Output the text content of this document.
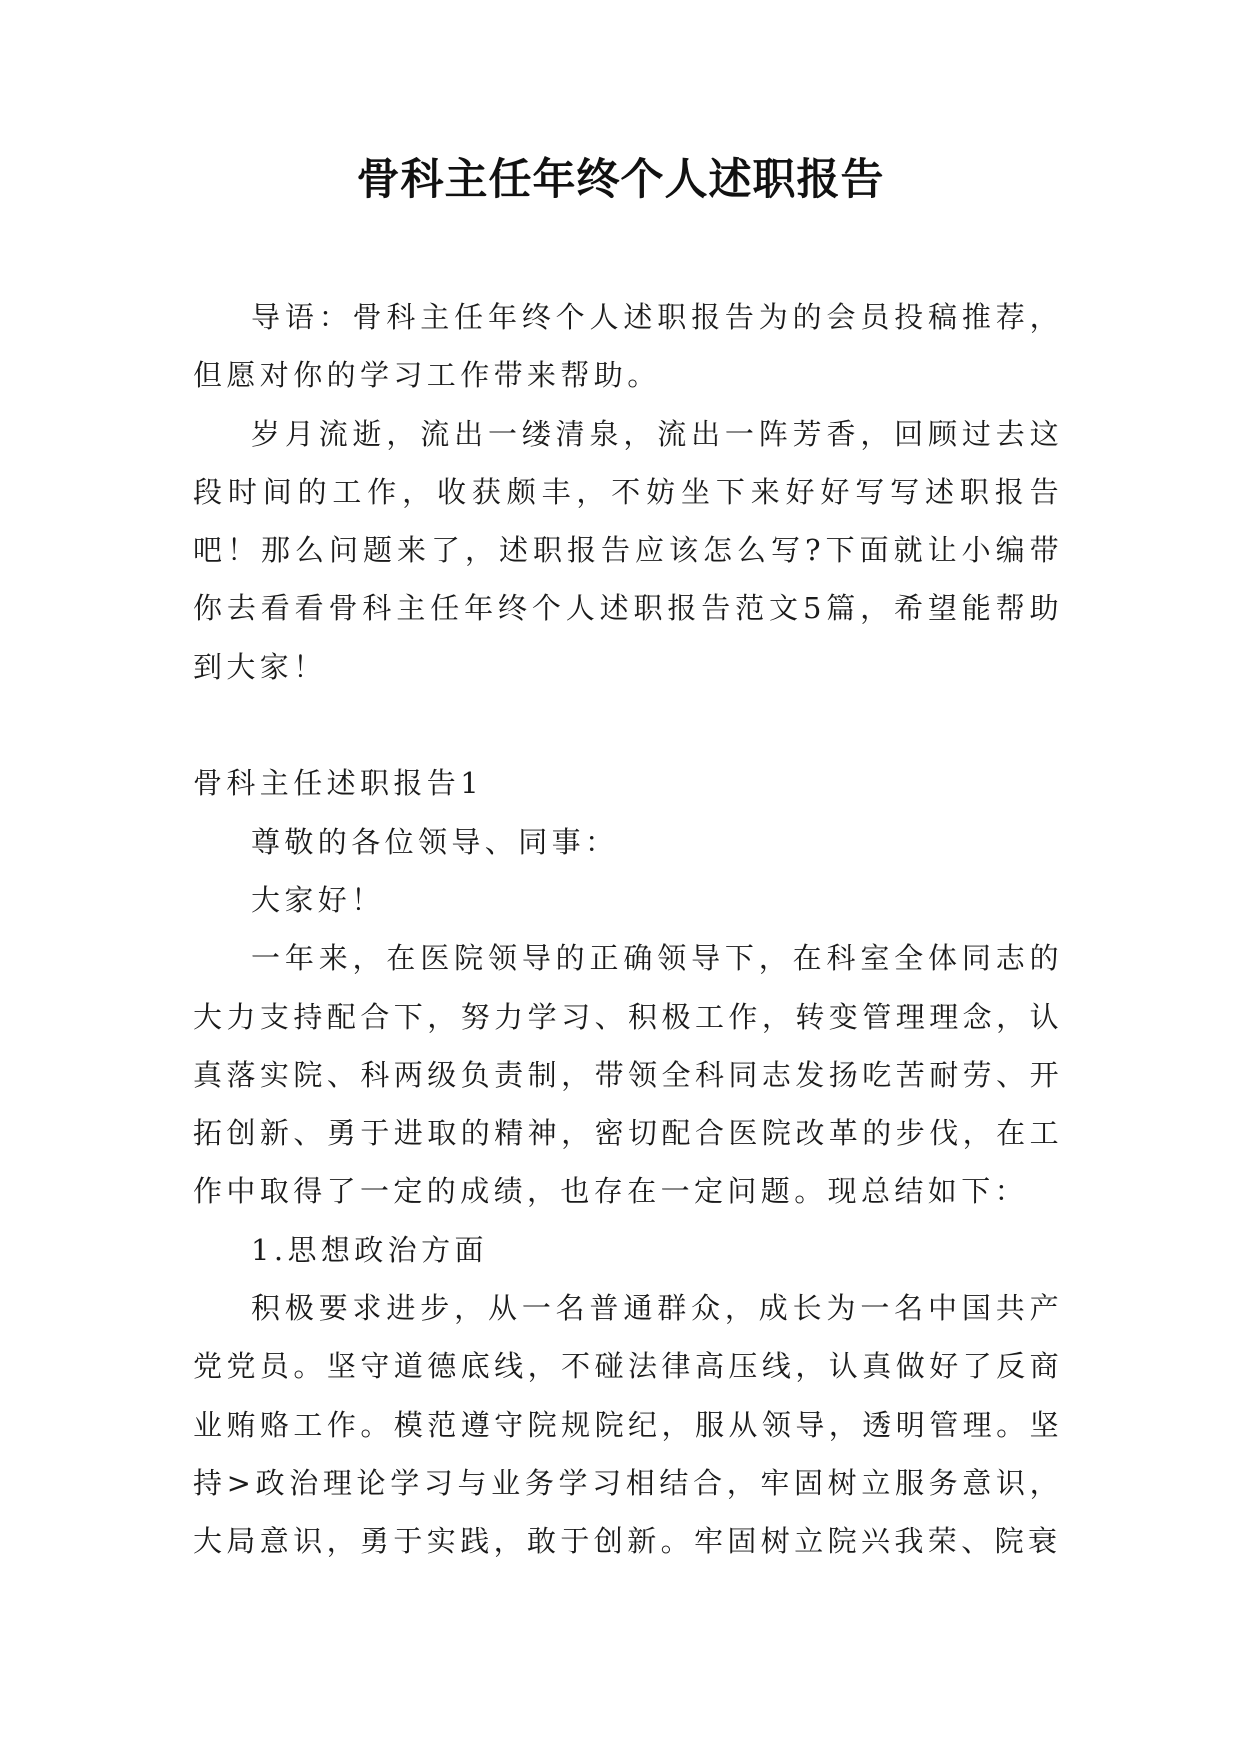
骨科主任年终个人述职报告

导语：骨科主任年终个人述职报告为的会员投稿推荐，但愿对你的学习工作带来帮助。

岁月流逝，流出一缕清泉，流出一阵芳香，回顾过去这段时间的工作，收获颇丰，不妨坐下来好好写写述职报告吧！那么问题来了，述职报告应该怎么写?下面就让小编带你去看看骨科主任年终个人述职报告范文5篇，希望能帮助到大家！

骨科主任述职报告1

尊敬的各位领导、同事：

大家好！

一年来，在医院领导的正确领导下，在科室全体同志的大力支持配合下，努力学习、积极工作，转变管理理念，认真落实院、科两级负责制，带领全科同志发扬吃苦耐劳、开拓创新、勇于进取的精神，密切配合医院改革的步伐，在工作中取得了一定的成绩，也存在一定问题。现总结如下：

1.思想政治方面

积极要求进步，从一名普通群众，成长为一名中国共产党党员。坚守道德底线，不碰法律高压线，认真做好了反商业贿赂工作。模范遵守院规院纪，服从领导，透明管理。坚持>政治理论学习与业务学习相结合，牢固树立服务意识，大局意识，勇于实践，敢于创新。牢固树立院兴我荣、院衰
